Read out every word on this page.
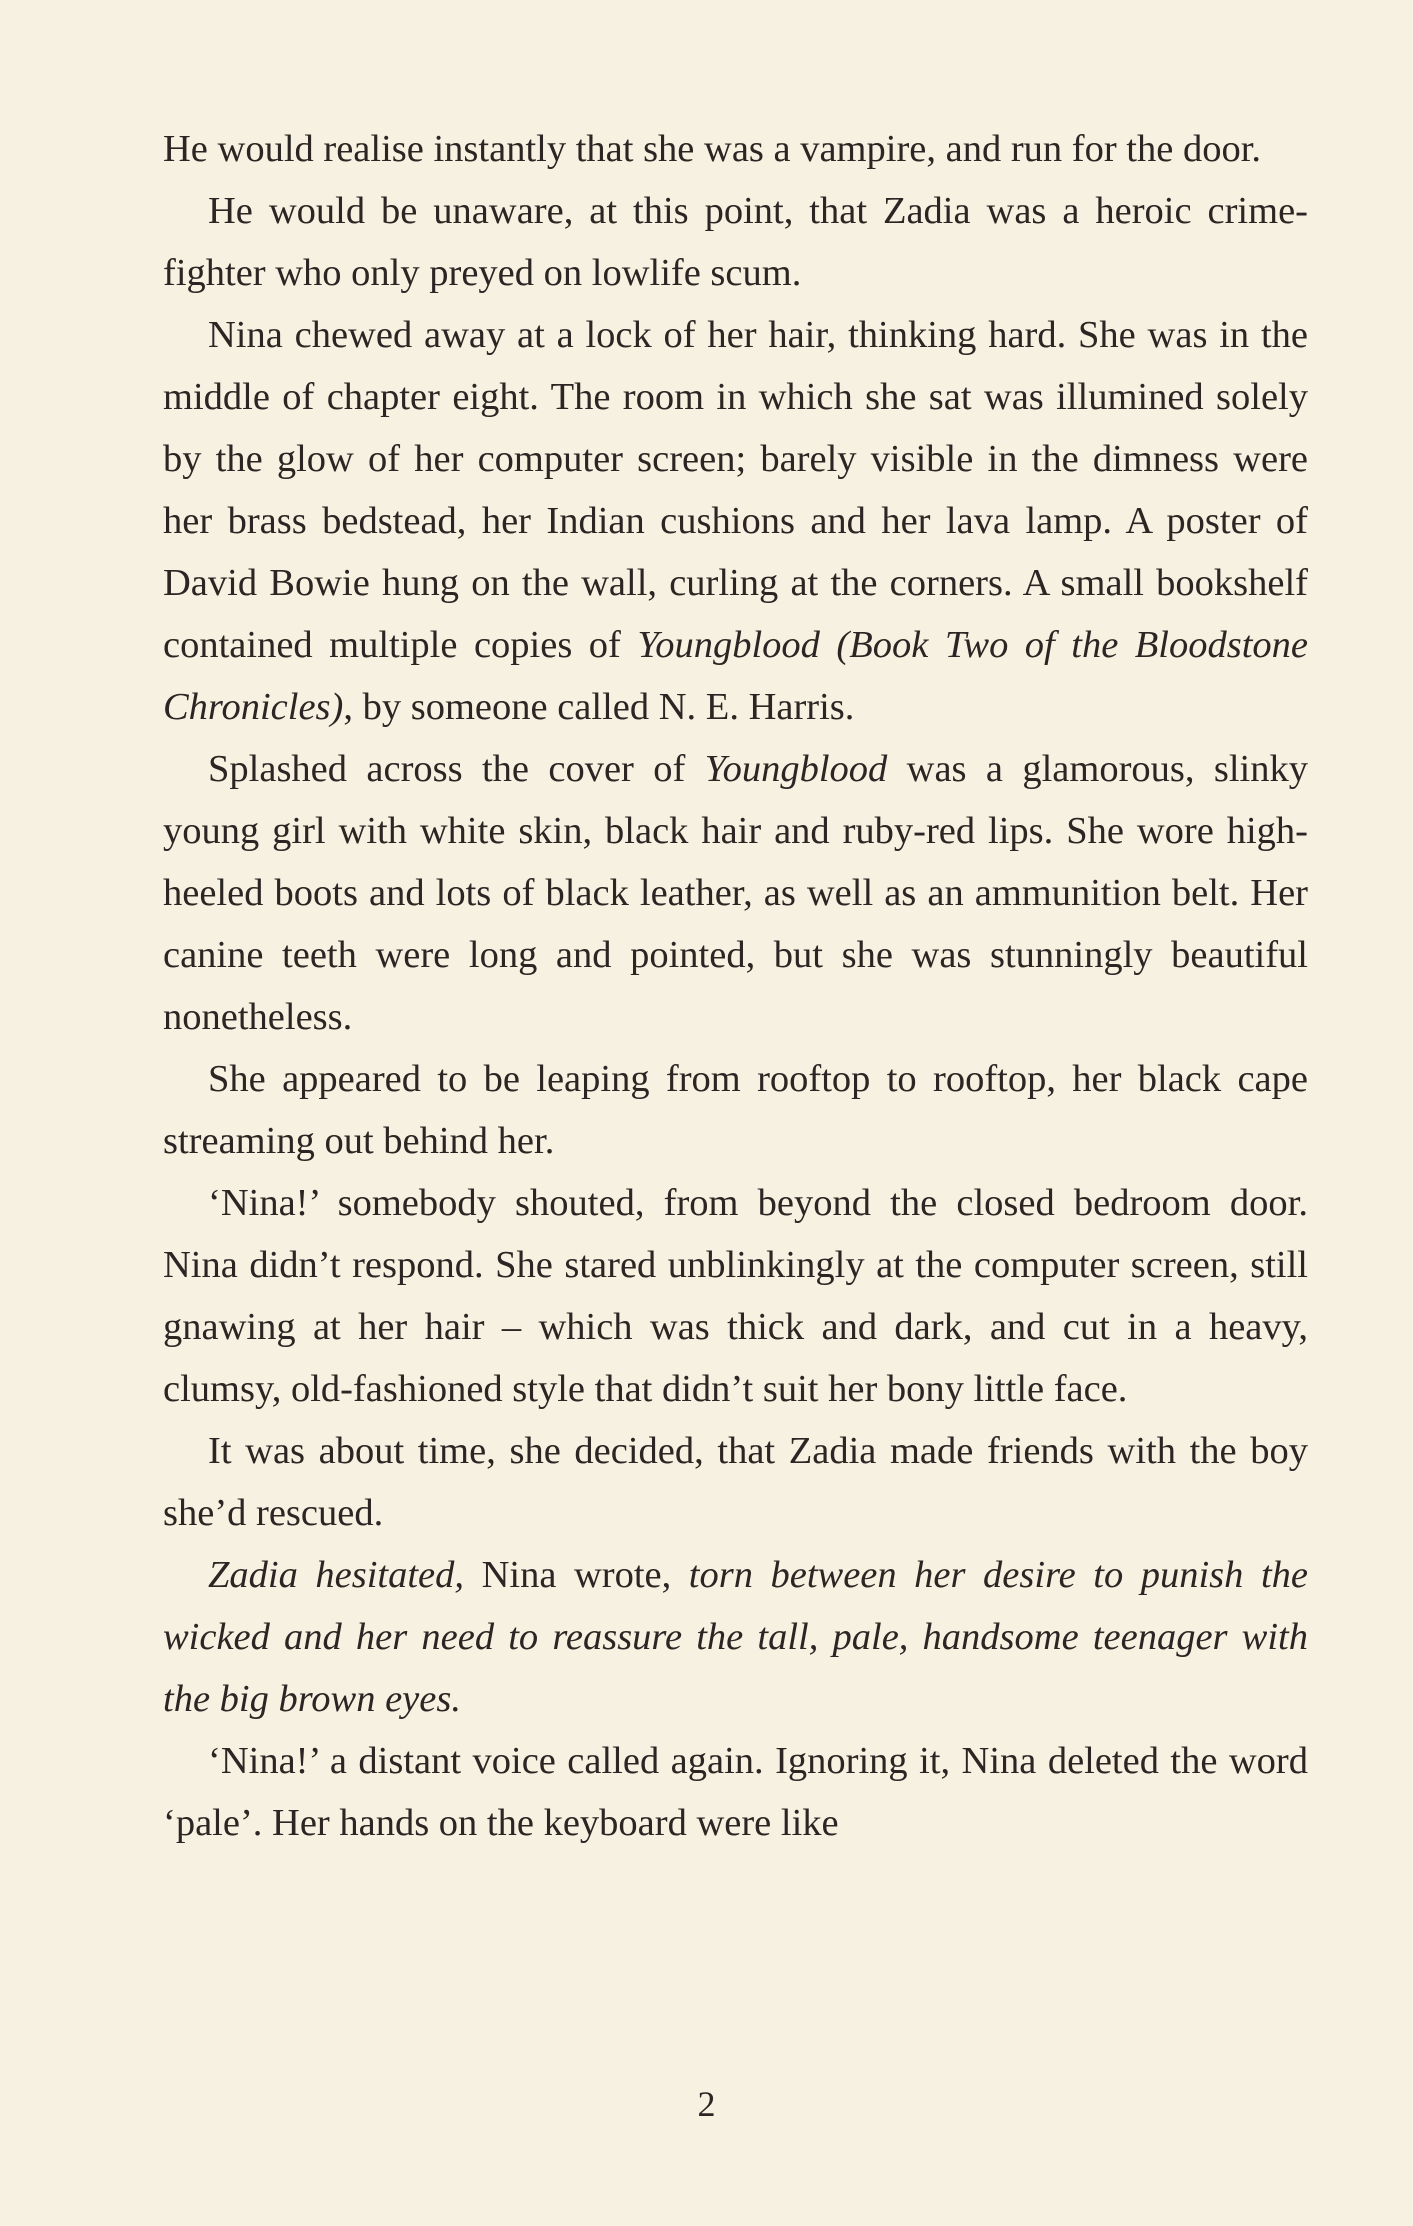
He would realise instantly that she was a vampire, and run for the door.

He would be unaware, at this point, that Zadia was a heroic crime-fighter who only preyed on lowlife scum.

Nina chewed away at a lock of her hair, thinking hard. She was in the middle of chapter eight. The room in which she sat was illumined solely by the glow of her computer screen; barely visible in the dimness were her brass bedstead, her Indian cushions and her lava lamp. A poster of David Bowie hung on the wall, curling at the corners. A small bookshelf contained multiple copies of Youngblood (Book Two of the Bloodstone Chronicles), by someone called N. E. Harris.

Splashed across the cover of Youngblood was a glamorous, slinky young girl with white skin, black hair and ruby-red lips. She wore high-heeled boots and lots of black leather, as well as an ammunition belt. Her canine teeth were long and pointed, but she was stunningly beautiful nonetheless.

She appeared to be leaping from rooftop to rooftop, her black cape streaming out behind her.

‘Nina!’ somebody shouted, from beyond the closed bedroom door. Nina didn’t respond. She stared unblinkingly at the computer screen, still gnawing at her hair – which was thick and dark, and cut in a heavy, clumsy, old-fashioned style that didn’t suit her bony little face.

It was about time, she decided, that Zadia made friends with the boy she’d rescued.

Zadia hesitated, Nina wrote, torn between her desire to punish the wicked and her need to reassure the tall, pale, handsome teenager with the big brown eyes.

‘Nina!’ a distant voice called again. Ignoring it, Nina deleted the word ‘pale’. Her hands on the keyboard were like

2
